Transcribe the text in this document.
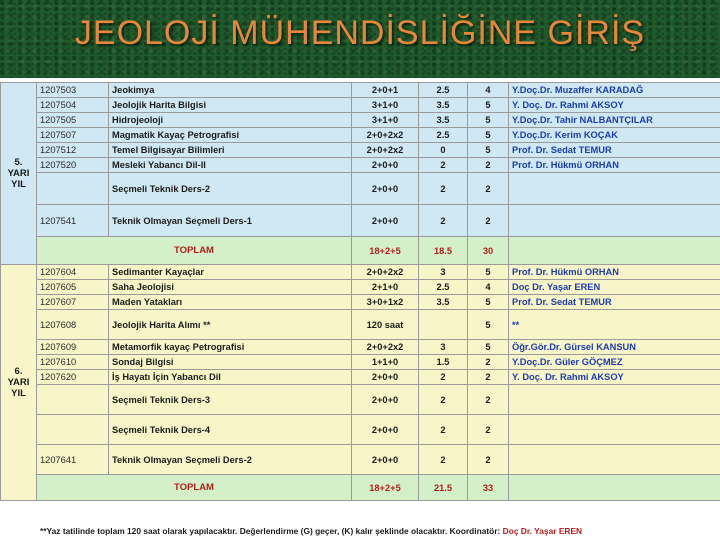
JEOLOJİ MÜHENDİSLİĞİNE GİRİŞ
5.
YARI
YIL	1207503	Jeokimya	2+0+1	2.5	4	Y.Doç.Dr. Muzaffer KARADAĞ
	1207504	Jeolojik Harita Bilgisi	3+1+0	3.5	5	Y. Doç. Dr. Rahmi AKSOY
	1207505	Hidrojeoloji	3+1+0	3.5	5	Y.Doç.Dr. Tahir NALBANTÇILAR
	1207507	Magmatik Kayaç Petrografisi	2+0+2x2	2.5	5	Y.Doç.Dr. Kerim KOÇAK
	1207512	Temel Bilgisayar Bilimleri	2+0+2x2	0	5	Prof. Dr. Sedat TEMUR
	1207520	Mesleki Yabancı Dil-II	2+0+0	2	2	Prof. Dr. Hükmü ORHAN
		Seçmeli Teknik Ders-2	2+0+0	2	2	
	1207541	Teknik Olmayan Seçmeli Ders-1	2+0+0	2	2	
	TOPLAM		18+2+5	18.5	30	
6.
YARI
YIL	1207604	Sedimanter Kayaçlar	2+0+2x2	3	5	Prof. Dr. Hükmü ORHAN
	1207605	Saha Jeolojisi	2+1+0	2.5	4	Doç Dr. Yaşar EREN
	1207607	Maden Yatakları	3+0+1x2	3.5	5	Prof. Dr. Sedat TEMUR
	1207608	Jeolojik Harita Alımı **	120 saat		5	**
	1207609	Metamorfik kayaç Petrografisi	2+0+2x2	3	5	Öğr.Gör.Dr. Gürsel KANSUN
	1207610	Sondaj Bilgisi	1+1+0	1.5	2	Y.Doç.Dr. Güler GÖÇMEZ
	1207620	İş Hayatı İçin Yabancı Dil	2+0+0	2	2	Y. Doç. Dr. Rahmi AKSOY
		Seçmeli Teknik Ders-3	2+0+0	2	2	
		Seçmeli Teknik Ders-4	2+0+0	2	2	
	1207641	Teknik Olmayan Seçmeli Ders-2	2+0+0	2	2	
	TOPLAM		18+2+5	21.5	33	
**Yaz tatilinde toplam 120 saat olarak yapılacaktır. Değerlendirme (G) geçer, (K) kalır şeklinde olacaktır. Koordinatör: Doç Dr. Yaşar EREN
